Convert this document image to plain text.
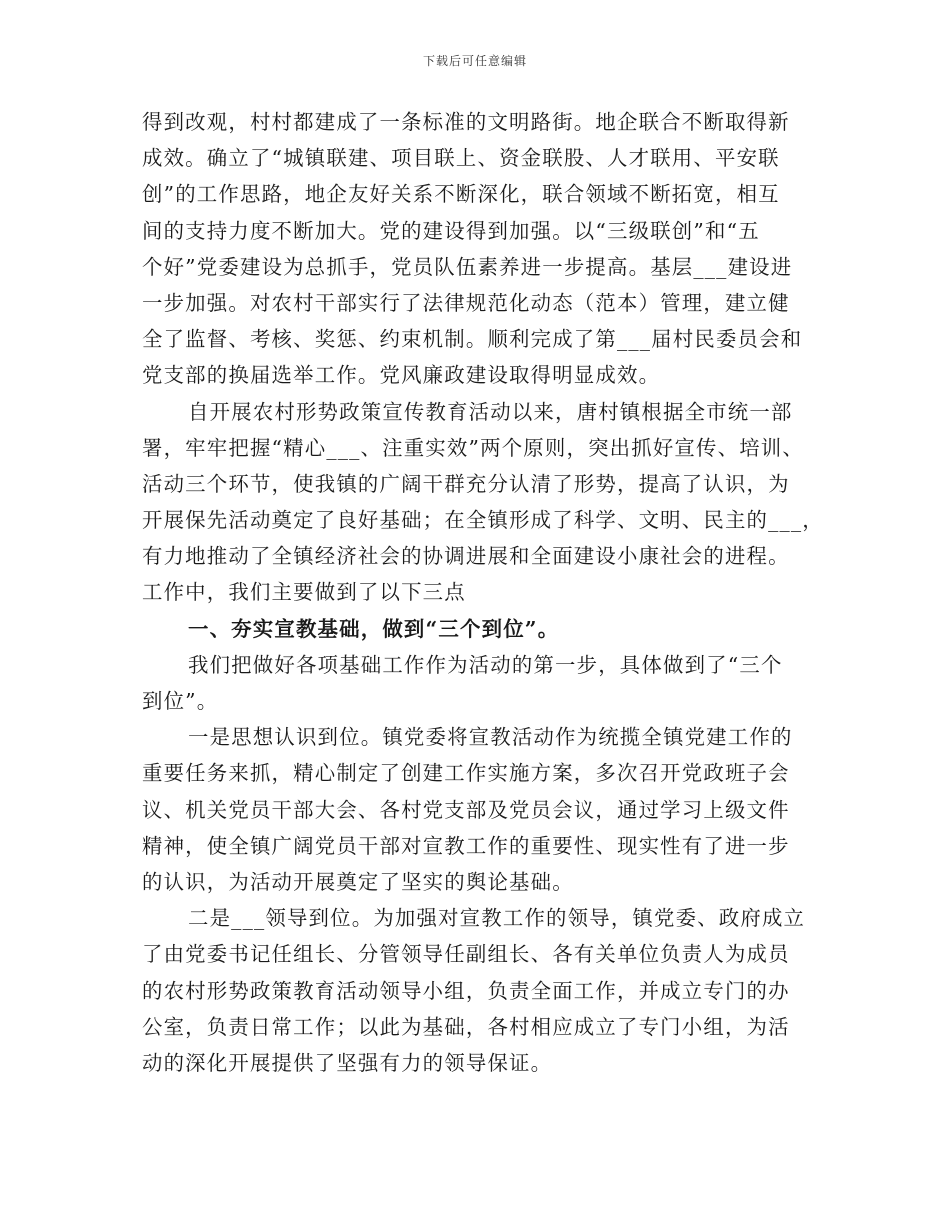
下载后可任意编辑
得到改观，村村都建成了一条标准的文明路街。地企联合不断取得新
成效。确立了“城镇联建、项目联上、资金联股、人才联用、平安联
创”的工作思路，地企友好关系不断深化，联合领域不断拓宽，相互
间的支持力度不断加大。党的建设得到加强。以“三级联创”和“五
个好”党委建设为总抓手，党员队伍素养进一步提高。基层___建设进
一步加强。对农村干部实行了法律规范化动态（范本）管理，建立健
全了监督、考核、奖惩、约束机制。顺利完成了第___届村民委员会和
党支部的换届选举工作。党风廉政建设取得明显成效。
自开展农村形势政策宣传教育活动以来，唐村镇根据全市统一部
署，牢牢把握“精心___、注重实效”两个原则，突出抓好宣传、培训、
活动三个环节，使我镇的广阔干群充分认清了形势，提高了认识，为
开展保先活动奠定了良好基础；在全镇形成了科学、文明、民主的___，
有力地推动了全镇经济社会的协调进展和全面建设小康社会的进程。
工作中，我们主要做到了以下三点
一、夯实宣教基础，做到“三个到位”。
我们把做好各项基础工作作为活动的第一步，具体做到了“三个
到位”。
一是思想认识到位。镇党委将宣教活动作为统揽全镇党建工作的
重要任务来抓，精心制定了创建工作实施方案，多次召开党政班子会
议、机关党员干部大会、各村党支部及党员会议，通过学习上级文件
精神，使全镇广阔党员干部对宣教工作的重要性、现实性有了进一步
的认识，为活动开展奠定了坚实的舆论基础。
二是___领导到位。为加强对宣教工作的领导，镇党委、政府成立
了由党委书记任组长、分管领导任副组长、各有关单位负责人为成员
的农村形势政策教育活动领导小组，负责全面工作，并成立专门的办
公室，负责日常工作；以此为基础，各村相应成立了专门小组，为活
动的深化开展提供了坚强有力的领导保证。
